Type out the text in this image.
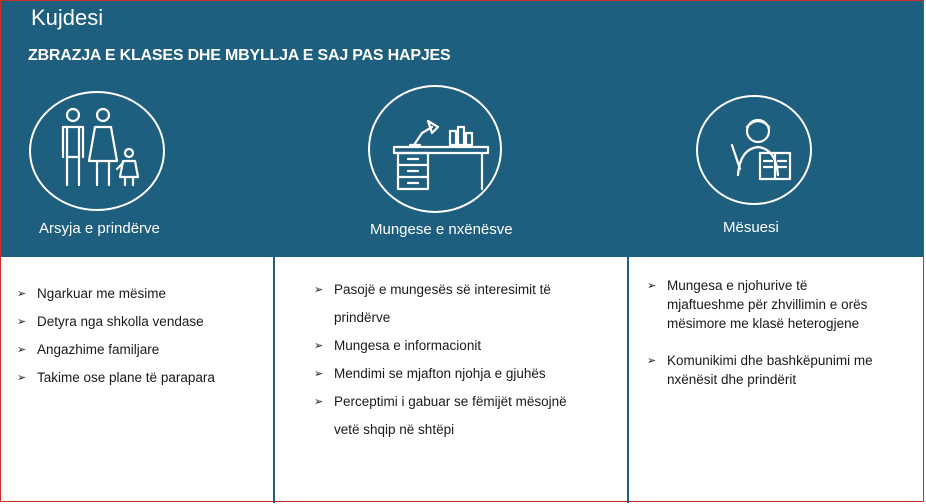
Kujdesi
ZBRAZJA E KLASES DHE MBYLLJA E SAJ PAS HAPJES
Arsyja e prindërve	Mungese e nxënësve	Mësuesi
➢ Ngarkuar me mësime
➢ Detyra nga shkolla vendase
➢ Angazhime familjare
➢ Takime ose plane të parapara
➢ Pasojë e mungesës së interesimit të prindërve
➢ Mungesa e informacionit
➢ Mendimi se mjafton njohja e gjuhës
➢ Perceptimi i gabuar se fëmijët mësojnë vetë shqip në shtëpi
➢ Mungesa e njohurive të mjaftueshme për zhvillimin e orës mësimore me klasë heterogjene
➢ Komunikimi dhe bashkëpunimi me nxënësit dhe prindërit
